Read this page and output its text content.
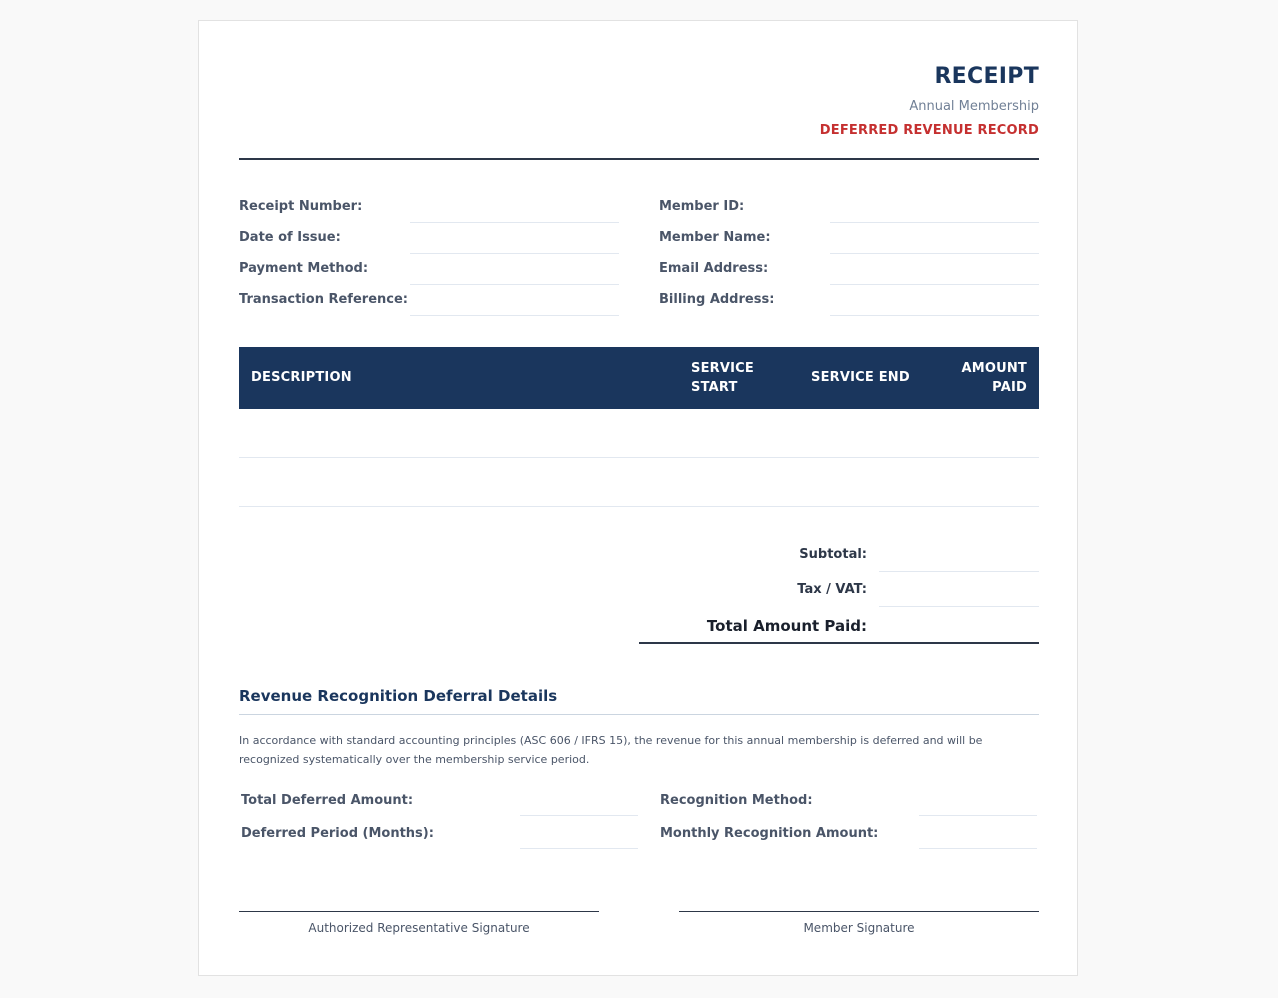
RECEIPT
Annual Membership
DEFERRED REVENUE RECORD
Receipt Number:
Date of Issue:
Payment Method:
Transaction Reference:
Member ID:
Member Name:
Email Address:
Billing Address:
DESCRIPTION
SERVICE START
SERVICE END
AMOUNT PAID
Subtotal:
Tax / VAT:
Total Amount Paid:
Revenue Recognition Deferral Details
In accordance with standard accounting principles (ASC 606 / IFRS 15), the revenue for this annual membership is deferred and will be recognized systematically over the membership service period.
Total Deferred Amount:
Deferred Period (Months):
Recognition Method:
Monthly Recognition Amount:
Authorized Representative Signature	Member Signature
